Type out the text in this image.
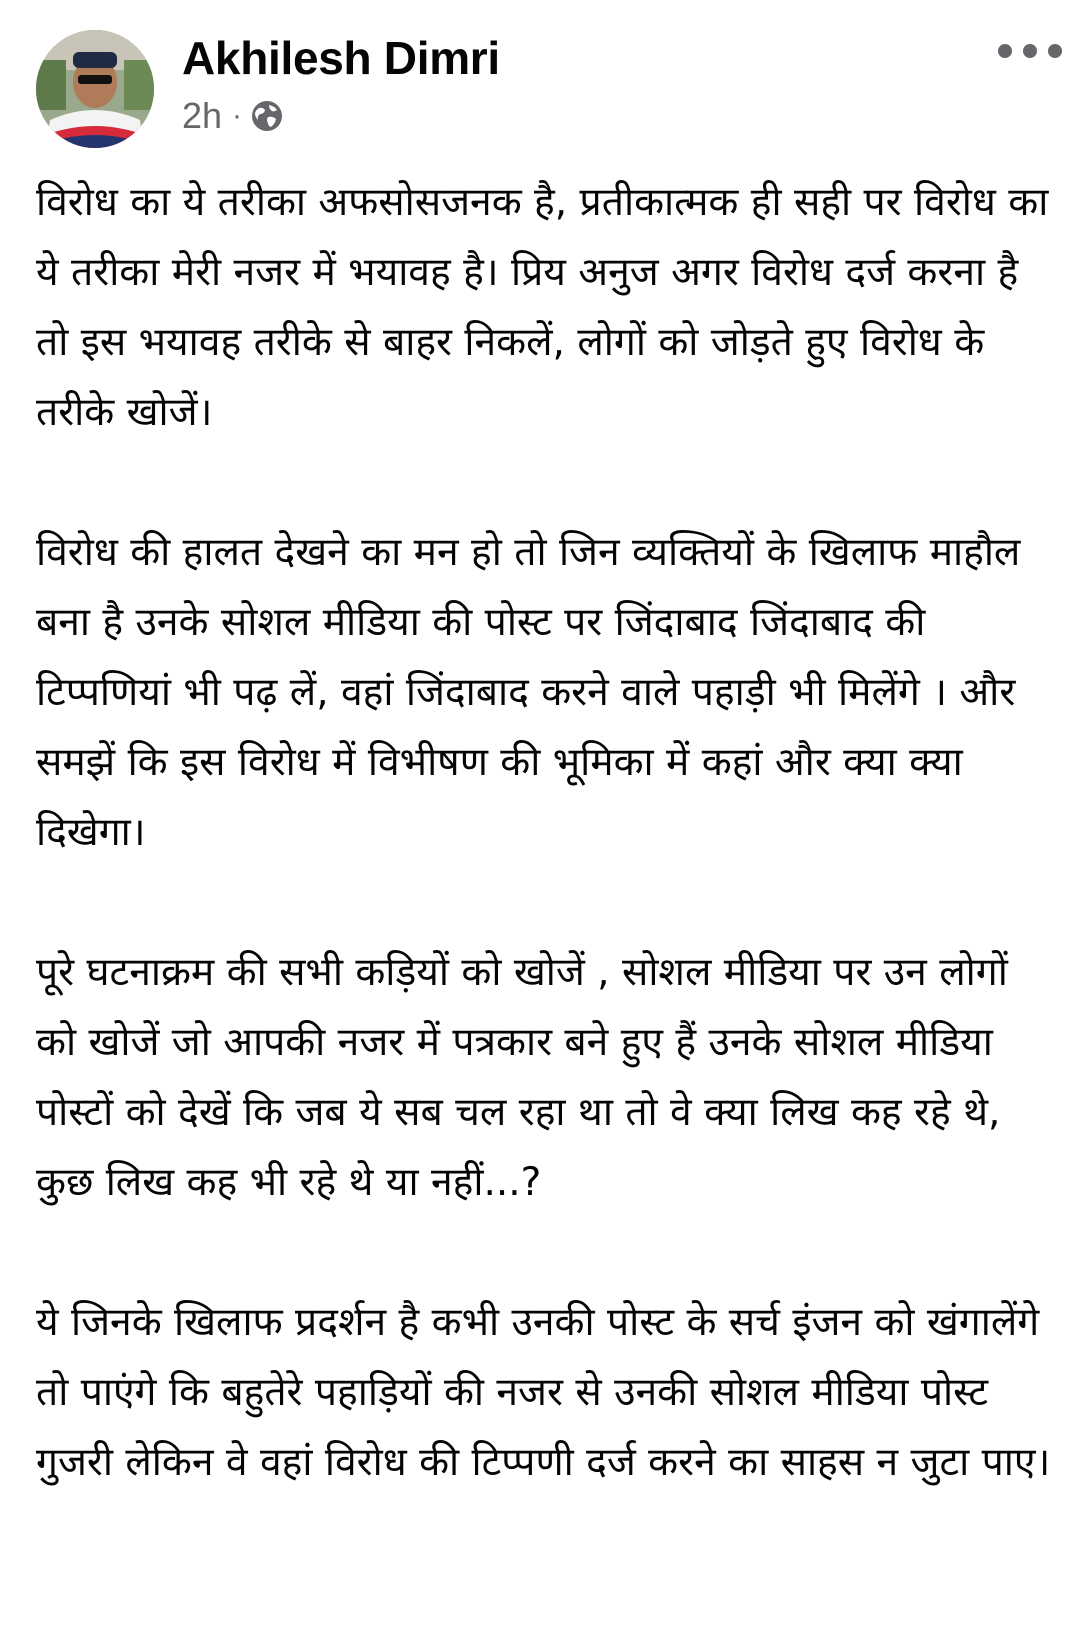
Akhilesh Dimri
2h ·

विरोध का ये तरीका अफसोसजनक है, प्रतीकात्मक ही सही पर विरोध का ये तरीका मेरी नजर में भयावह है। प्रिय अनुज अगर विरोध दर्ज करना है तो इस भयावह तरीके से बाहर निकलें, लोगों को जोड़ते हुए विरोध के तरीके खोजें।

विरोध की हालत देखने का मन हो तो जिन व्यक्तियों के खिलाफ माहौल बना है उनके सोशल मीडिया की पोस्ट पर जिंदाबाद जिंदाबाद की टिप्पणियां भी पढ़ लें, वहां जिंदाबाद करने वाले पहाड़ी भी मिलेंगे । और समझें कि इस विरोध में विभीषण की भूमिका में कहां और क्या क्या दिखेगा।

पूरे घटनाक्रम की सभी कड़ियों को खोजें , सोशल मीडिया पर उन लोगों को खोजें जो आपकी नजर में पत्रकार बने हुए हैं उनके सोशल मीडिया पोस्टों को देखें कि जब ये सब चल रहा था तो वे क्या लिख कह रहे थे, कुछ लिख कह भी रहे थे या नहीं...?

ये जिनके खिलाफ प्रदर्शन है कभी उनकी पोस्ट के सर्च इंजन को खंगालेंगे तो पाएंगे कि बहुतेरे पहाड़ियों की नजर से उनकी सोशल मीडिया पोस्ट गुजरी लेकिन वे वहां विरोध की टिप्पणी दर्ज करने का साहस न जुटा पाए।
